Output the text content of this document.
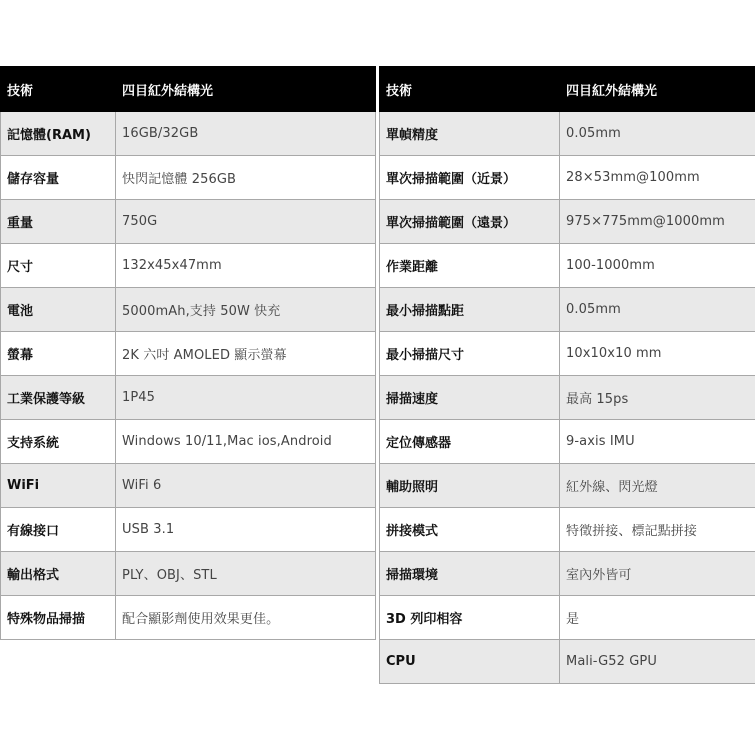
技術	四目紅外結構光
記憶體(RAM)	16GB/32GB
儲存容量	快閃記憶體 256GB
重量	750G
尺寸	132x45x47mm
電池	5000mAh,支持 50W 快充
螢幕	2K 六吋 AMOLED 顯示螢幕
工業保護等級	1P45
支持系統	Windows 10/11,Mac ios,Android
WiFi	WiFi 6
有線接口	USB 3.1
輸出格式	PLY、OBJ、STL
特殊物品掃描	配合顯影劑使用效果更佳。
技術	四目紅外結構光
單幀精度	0.05mm
單次掃描範圍（近景）	28×53mm@100mm
單次掃描範圍（遠景）	975×775mm@1000mm
作業距離	100-1000mm
最小掃描點距	0.05mm
最小掃描尺寸	10x10x10 mm
掃描速度	最高 15ps
定位傳感器	9-axis IMU
輔助照明	紅外線、閃光燈
拼接模式	特徵拼接、標記點拼接
掃描環境	室內外皆可
3D 列印相容	是
CPU	Mali-G52 GPU
